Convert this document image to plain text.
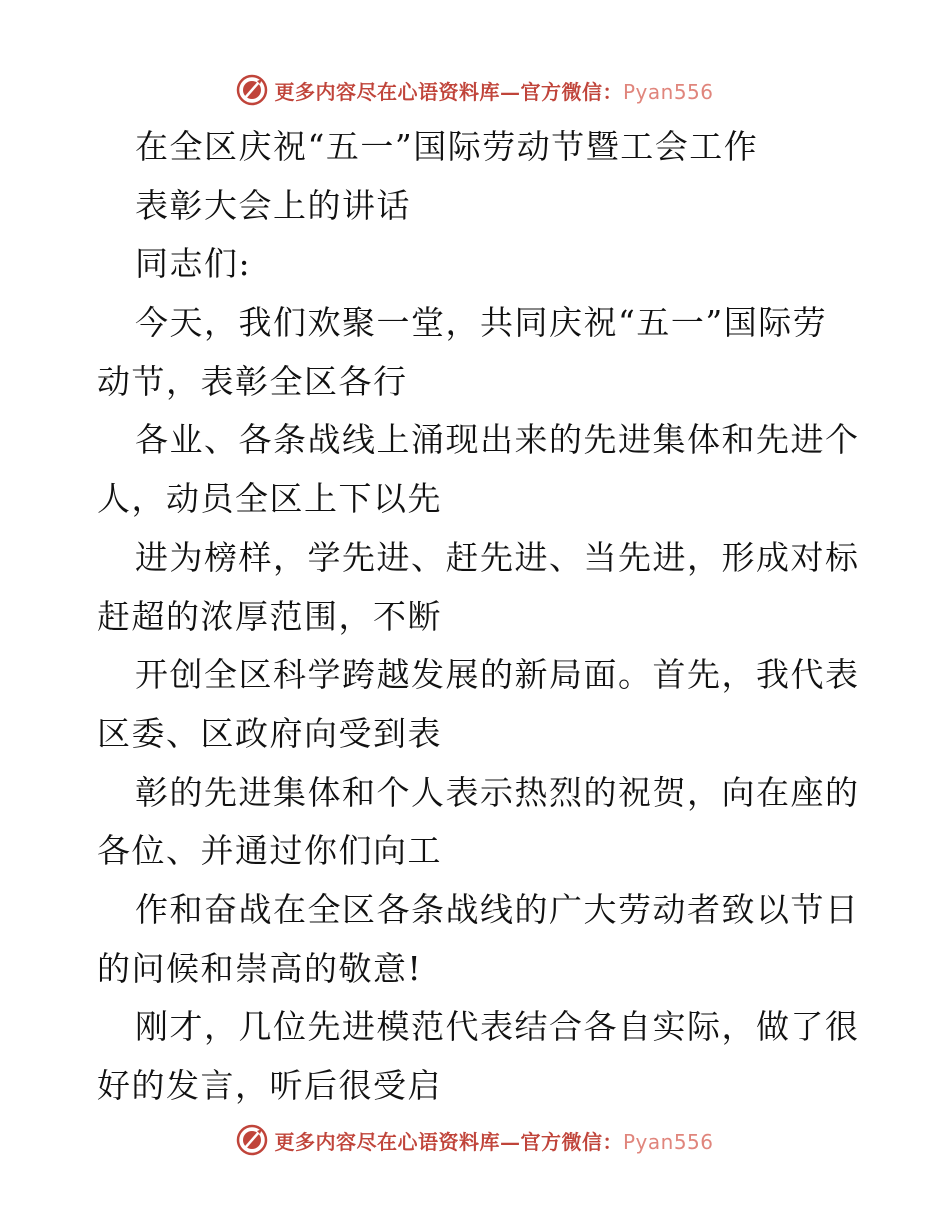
更多内容尽在心语资料库—官方微信：Pyan556
在全区庆祝“五一”国际劳动节暨工会工作
表彰大会上的讲话
同志们:
今天，我们欢聚一堂，共同庆祝“五一”国际劳
动节，表彰全区各行
各业、各条战线上涌现出来的先进集体和先进个
人，动员全区上下以先
进为榜样，学先进、赶先进、当先进，形成对标
赶超的浓厚范围，不断
开创全区科学跨越发展的新局面。首先，我代表
区委、区政府向受到表
彰的先进集体和个人表示热烈的祝贺，向在座的
各位、并通过你们向工
作和奋战在全区各条战线的广大劳动者致以节日
的问候和崇高的敬意!
刚才，几位先进模范代表结合各自实际，做了很
好的发言，听后很受启
更多内容尽在心语资料库—官方微信：Pyan556
